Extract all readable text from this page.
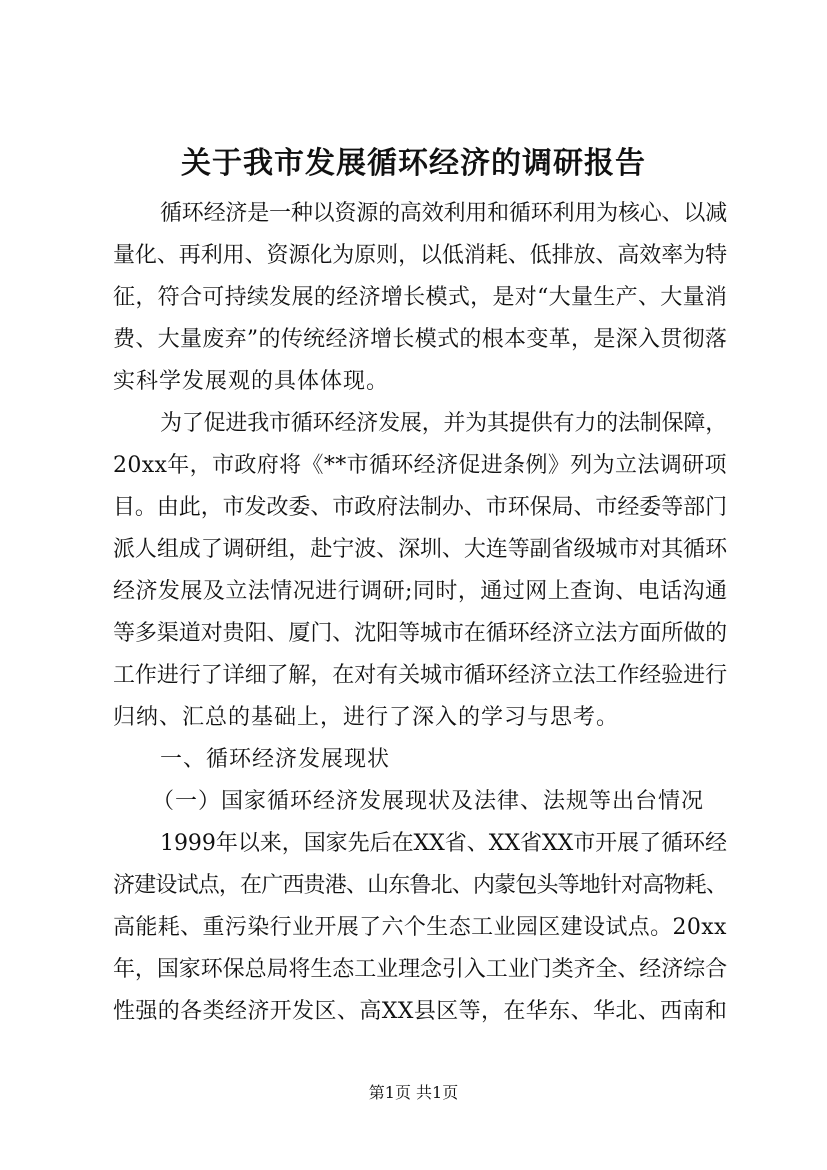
关于我市发展循环经济的调研报告
循环经济是一种以资源的高效利用和循环利用为核心、以减
量化、再利用、资源化为原则，以低消耗、低排放、高效率为特
征，符合可持续发展的经济增长模式，是对“大量生产、大量消
费、大量废弃”的传统经济增长模式的根本变革，是深入贯彻落
实科学发展观的具体体现。
为了促进我市循环经济发展，并为其提供有力的法制保障，
20xx年，市政府将《**市循环经济促进条例》列为立法调研项
目。由此，市发改委、市政府法制办、市环保局、市经委等部门
派人组成了调研组，赴宁波、深圳、大连等副省级城市对其循环
经济发展及立法情况进行调研;同时，通过网上查询、电话沟通
等多渠道对贵阳、厦门、沈阳等城市在循环经济立法方面所做的
工作进行了详细了解，在对有关城市循环经济立法工作经验进行
归纳、汇总的基础上，进行了深入的学习与思考。
一、循环经济发展现状
（一）国家循环经济发展现状及法律、法规等出台情况
1999年以来，国家先后在XX省、XX省XX市开展了循环经
济建设试点，在广西贵港、山东鲁北、内蒙包头等地针对高物耗、
高能耗、重污染行业开展了六个生态工业园区建设试点。20xx
年，国家环保总局将生态工业理念引入工业门类齐全、经济综合
性强的各类经济开发区、高XX县区等，在华东、华北、西南和
第1页 共1页
